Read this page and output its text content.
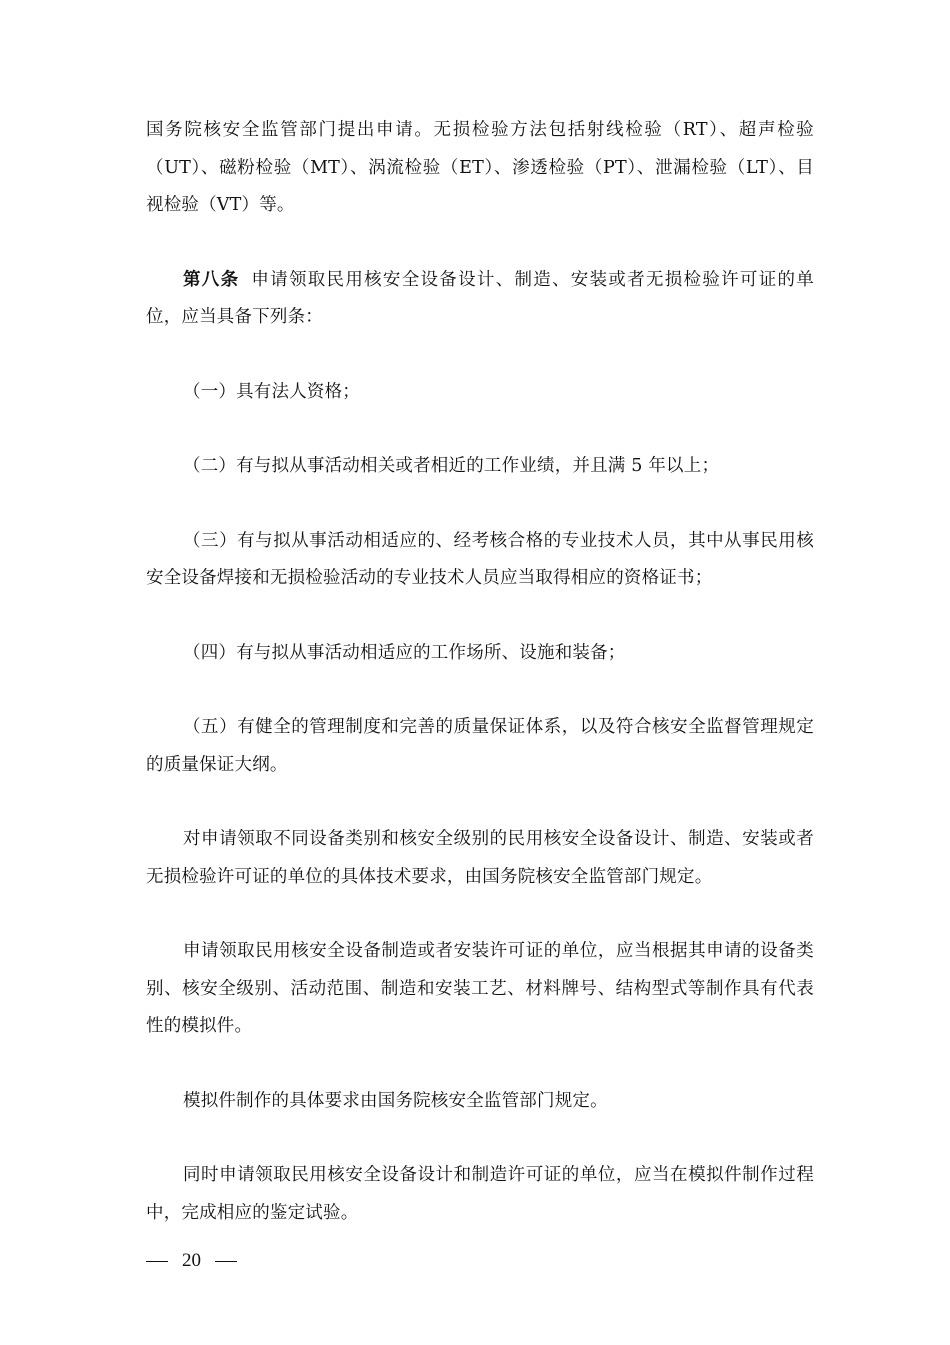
国务院核安全监管部门提出申请。无损检验方法包括射线检验（RT）、超声检验（UT）、磁粉检验（MT）、涡流检验（ET）、渗透检验（PT）、泄漏检验（LT）、目视检验（VT）等。

第八条 申请领取民用核安全设备设计、制造、安装或者无损检验许可证的单位，应当具备下列条：

（一）具有法人资格；

（二）有与拟从事活动相关或者相近的工作业绩，并且满 5 年以上；

（三）有与拟从事活动相适应的、经考核合格的专业技术人员，其中从事民用核安全设备焊接和无损检验活动的专业技术人员应当取得相应的资格证书；

（四）有与拟从事活动相适应的工作场所、设施和装备；

（五）有健全的管理制度和完善的质量保证体系，以及符合核安全监督管理规定的质量保证大纲。

对申请领取不同设备类别和核安全级别的民用核安全设备设计、制造、安装或者无损检验许可证的单位的具体技术要求，由国务院核安全监管部门规定。

申请领取民用核安全设备制造或者安装许可证的单位，应当根据其申请的设备类别、核安全级别、活动范围、制造和安装工艺、材料牌号、结构型式等制作具有代表性的模拟件。

模拟件制作的具体要求由国务院核安全监管部门规定。

同时申请领取民用核安全设备设计和制造许可证的单位，应当在模拟件制作过程中，完成相应的鉴定试验。

20
